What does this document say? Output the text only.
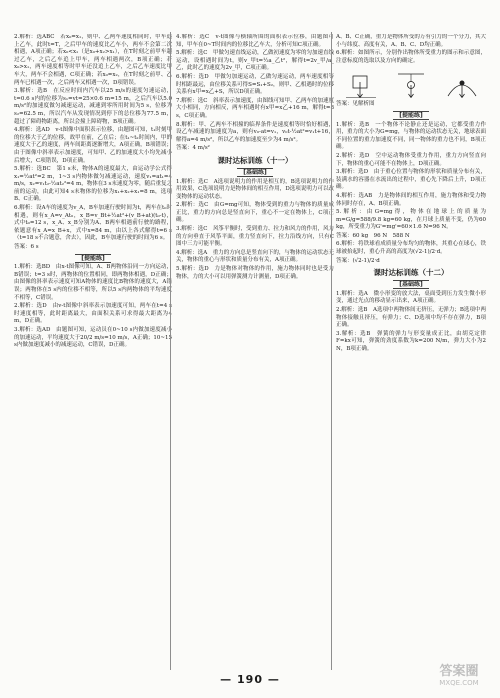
2.解析：选ABC　若x₀=x₁，则甲、乙两车速度相同时，甲车追上乙车，此时t=T，之后甲车的速度比乙车小，两车不会第二次相遇，A项正确；若x₀<x₁（是x₀+x₂>x₁），在T时刻之前甲车超过乙车，之后乙车追上甲车，两车相遇两次，B项正确；若x₀>x₁，两车速度相等时甲车还没追上乙车，之后乙车速度比甲车大，两车不会相遇，C项正确；若x₀=x₂，在T时刻之前甲、乙两车已相遇一次，之后两车又相遇一次，D项错误。
3.解析：选B　在反应时间内汽车以25 m/s的速度匀速运动，t=0.6 s内的位移为s₁=vt=25×0.6 m=15 m，之后汽车以5.0 m/s²的加速度做匀减速运动，减速到零所用时间为5 s，位移为s₂=62.5 m，所以汽车从发现情况到停下的总位移为77.5 m，超过了障碍物距离，所以会撞上障碍物，B项正确。
4.解析：选AD　v-t图像中面积表示位移，由题图可知，t₁时刻甲的位移大于乙的位移，故甲在前，乙在后；在t₁~t₂时间内，甲的速度大于乙的速度，两车间距离逐渐增大，A项正确，B项错误；由于图像中斜率表示加速度，可知甲、乙的加速度大小均先减小后增大，C项错误，D项正确。
5.解析：选BC　第1 s末，物体A的速度最大，由运动学公式得x₁=½at²=2 m，1~3 s内物体做匀减速运动，速度v₁=at₁=4 m/s，x₂=v₁t₂-½at₂²=4 m，物体在3 s末速度为零，随后重复之前的运动，由此可知4 s末物体的位移为x₁+x₂+x₁=8 m，选项B、C正确。
6.解析：设A车的速度为v_A，B车加速行驶时间为t，两车在t₀时相遇，则有x_A=v_At₀，x_B=v_Bt+½at²+(v_B+at)(t₀-t)，式中t₀=12 s，x_A、x_B分别为A、B两车相遇前行驶的路程，依题意有x_A=x_B+x，式中x=84 m，由以上各式解得t=6 s（t=18 s不合题意，舍去），因此，B车加速行驶的时间为6 s。
答案：6 s
[提能练]
1.解析：选BD　由x-t图像可知，A、B两物体沿同一方向运动，B错误；t=3 s时，两物体的位置相同，即两物体相遇，D正确；由图像的斜率表示速度可知A物体的速度比B物体的速度大，A错误；两物体在5 s内的位移不相等，所以5 s内两物体的平均速度不相等，C错误。
2.解析：选D　由v-t图像中斜率表示加速度可知，两车在t=4 s时速度相等，此时距离最大，由面积关系可求得最大距离为4 m，D正确。
3.解析：选AD　由题图可知，运动员在0~10 s内做加速度减小的加速运动，平均速度大于20/2 m/s=10 m/s，A正确；10~15 s内做加速度减小的减速运动，C错误，D正确。
4.解析：选C　v-t图像与横轴所围的面积表示位移，由题图可知，甲车在0~T时间内的位移比乙车大，分析可知C项正确。
5.解析：选C　甲做匀速直线运动，乙做初速度为零的匀加速直线运动，设相遇时间为t，则v_甲t=½a_乙t²，解得t=2v_甲/a_乙，此时乙的速度为2v_甲，C项正确。
6.解析：选D　甲做匀加速运动，乙做匀速运动，两车速度相等时相距最远，由位移关系可得S=S₁+S₂，则甲、乙相遇时的位移关系有x甲=x乙+S，所以D项正确。
7.解析：选C　斜率表示加速度，由图线可知甲、乙两车的加速度大小相同，方向相反，两车相遇时有x甲=x乙+16 m，解得t=8 s，C项正确。
8.解析：甲、乙两车不相撞的临界条件是速度相等时恰好相遇，设乙车减速的加速度为a，则有v₀-at=v₁，v₀t-½at²=v₁t+16，解得a=4 m/s²，所以乙车的加速度至少为4 m/s²。
答案：4 m/s²
课时达标训练（十一）
[基础练]
1.解析：选C　A选项说明力的作用是相互的，B选项说明力的作用效果，C选项说明力是物体间的相互作用，D选项说明力可以改变物体的运动状态。
2.解析：选C　由G=mg可知，物体受到的重力与物体的质量成正比，重力的方向总是竖直向下，重心不一定在物体上，C项正确。
3.解析：选C　风筝平衡时，受到重力、拉力和风力的作用，风力的方向垂直于风筝平面，重力竖直向下，拉力沿线方向，只有C图中三力可能平衡。
4.解析：选A　重力的方向总是竖直向下的，与物体的运动状态无关，物体的重心与形状和质量分布有关，A项正确。
5.解析：选D　力是物体对物体的作用，施力物体同时也是受力物体，力的大小可以用弹簧测力计测量，D项正确。
A、B、C正确，重力是物体所受的万有引力的一个分力，其大小与纬度、高度有关，A、B、C、D均正确。
6.解析：如图所示，分别作出物体所受重力的图示和示意图，注意标度的选取以及方向的确定。
答案：见解析图
[提能练]
1.解析：选B　一个物体不论静止还是运动，它都受重力作用，重力的大小为G=mg，与物体的运动状态无关，地球表面不同位置的重力加速度不同，同一物体的重力也不同，B项正确。
2.解析：选D　空中运动物体受重力作用，重力方向竖直向下，物体的重心可能不在物体上，D项正确。
3.解析：选D　由于重心位置与物体的形状和质量分布有关，装满水的容器在水流出的过程中，重心先下降后上升，D项正确。
4.解析：选AB　力是物体间的相互作用，施力物体和受力物体同时存在，A、B项正确。
5.解析：由G=mg得，物体在地球上的质量为m=G/g=588/9.8 kg=60 kg，在月球上质量不变，仍为60 kg，所受重力为G'=mg'=60×1.6 N=96 N。
答案：60 kg　96 N　588 N
6.解析：将铁球看成质量分布均匀的物体，其重心在球心，铁球被抬起时，重心升高的高度为(√2-1)/2·d。
答案：(√2-1)/2·d
课时达标训练（十二）
[基础练]
1.解析：选A　微小形变的放大法，桌面受到压力发生微小形变，通过光点的移动显示出来，A项正确。
2.解析：选B　A选项中两物体间无挤压，无弹力；B选项中两物体接触且挤压，有弹力；C、D选项中均不存在弹力，B项正确。
3.解析：选B　弹簧的弹力与形变量成正比，由胡克定律F=kx可知，弹簧的劲度系数为k=200 N/m，弹力大小为2 N，B项正确。
— 190 —
答案圈
MXQE.COM
